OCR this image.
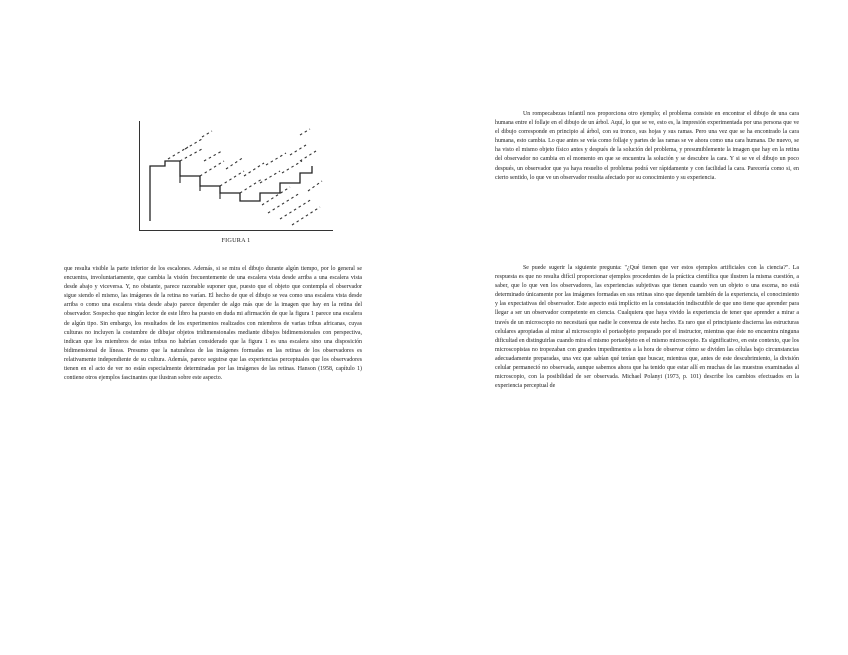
FIGURA 1

que resulta visible la parte inferior de los escalones. Además, si se mira el dibujo durante algún tiempo, por lo general se encuentra, involuntariamente, que cambia la visión frecuentemente de una escalera vista desde arriba a una escalera vista desde abajo y viceversa. Y, no obstante, parece razonable suponer que, puesto que el objeto que contempla el observador sigue siendo el mismo, las imágenes de la retina no varían. El hecho de que el dibujo se vea como una escalera vista desde arriba o como una escalera vista desde abajo parece depender de algo más que de la imagen que hay en la retina del observador. Sospecho que ningún lector de este libro ha puesto en duda mi afirmación de que la figura 1 parece una escalera de algún tipo. Sin embargo, los resultados de los experimentos realizados con miembros de varias tribus africanas, cuyas culturas no incluyen la costumbre de dibujar objetos tridimensionales mediante dibujos bidimensionales con perspectiva, indican que los miembros de estas tribus no habrían considerado que la figura 1 es una escalera sino una disposición bidimensional de líneas. Presumo que la naturaleza de las imágenes formadas en las retinas de los observadores es relativamente independiente de su cultura. Además, parece seguirse que las experiencias perceptuales que los observadores tienen en el acto de ver no están especialmente determinadas por las imágenes de las retinas. Hanson (1958, capítulo 1) contiene otros ejemplos fascinantes que ilustran sobre este aspecto.

Un rompecabezas infantil nos proporciona otro ejemplo; el problema consiste en encontrar el dibujo de una cara humana entre el follaje en el dibujo de un árbol. Aquí, lo que se ve, esto es, la impresión experimentada por una persona que ve el dibujo corresponde en principio al árbol, con su tronco, sus hojas y sus ramas. Pero una vez que se ha encontrado la cara humana, esto cambia. Lo que antes se veía como follaje y partes de las ramas se ve ahora como una cara humana. De nuevo, se ha visto el mismo objeto físico antes y después de la solución del problema, y presumiblemente la imagen que hay en la retina del observador no cambia en el momento en que se encuentra la solución y se descubre la cara. Y si se ve el dibujo un poco después, un observador que ya haya resuelto el problema podrá ver rápidamente y con facilidad la cara. Parecería como si, en cierto sentido, lo que ve un observador resulta afectado por su conocimiento y su experiencia.

Se puede sugerir la siguiente pregunta: "¿Qué tienen que ver estos ejemplos artificiales con la ciencia?". La respuesta es que no resulta difícil proporcionar ejemplos procedentes de la práctica científica que ilustren la misma cuestión, a saber, que lo que ven los observadores, las experiencias subjetivas que tienen cuando ven un objeto o una escena, no está determinado únicamente por las imágenes formadas en sus retinas sino que depende también de la experiencia, el conocimiento y las expectativas del observador. Este aspecto está implícito en la constatación indiscutible de que uno tiene que aprender para llegar a ser un observador competente en ciencia. Cualquiera que haya vivido la experiencia de tener que aprender a mirar a través de un microscopio no necesitará que nadie le convenza de este hecho. Es raro que el principiante discierna las estructuras celulares apropiadas al mirar al microscopio el portaobjeto preparado por el instructor, mientras que éste no encuentra ninguna dificultad en distinguirlas cuando mira el mismo portaobjeto en el mismo microscopio. Es significativo, en este contexto, que los microscopistas no tropezaban con grandes impedimentos a la hora de observar cómo se dividen las células bajo circunstancias adecuadamente preparadas, una vez que sabían qué tenían que buscar, mientras que, antes de este descubrimiento, la división celular permaneció no observada, aunque sabemos ahora que ha tenido que estar allí en muchas de las muestras examinadas al microscopio, con la posibilidad de ser observada. Michael Polanyi (1973, p. 101) describe los cambios efectuados en la experiencia perceptual de
